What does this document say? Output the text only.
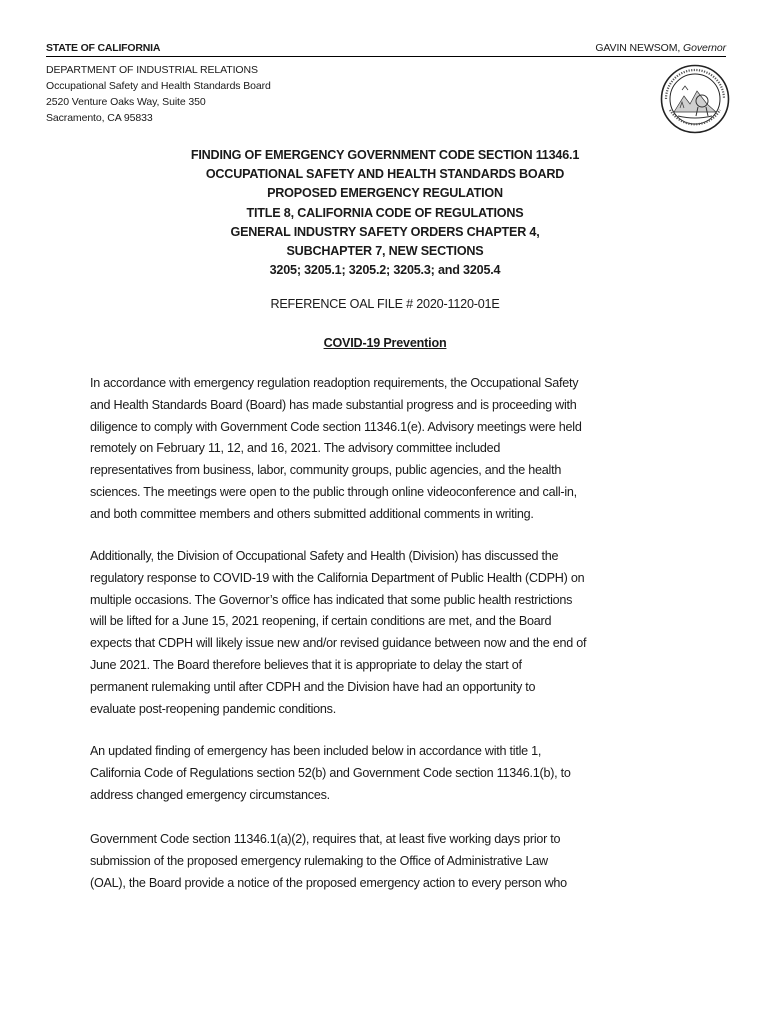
STATE OF CALIFORNIA	GAVIN NEWSOM, Governor
DEPARTMENT OF INDUSTRIAL RELATIONS
Occupational Safety and Health Standards Board
2520 Venture Oaks Way, Suite 350
Sacramento, CA 95833
FINDING OF EMERGENCY GOVERNMENT CODE SECTION 11346.1
OCCUPATIONAL SAFETY AND HEALTH STANDARDS BOARD
PROPOSED EMERGENCY REGULATION
TITLE 8, CALIFORNIA CODE OF REGULATIONS
GENERAL INDUSTRY SAFETY ORDERS CHAPTER 4,
SUBCHAPTER 7, NEW SECTIONS
3205; 3205.1; 3205.2; 3205.3; and 3205.4
REFERENCE OAL FILE # 2020-1120-01E
COVID-19 Prevention
In accordance with emergency regulation readoption requirements, the Occupational Safety
and Health Standards Board (Board) has made substantial progress and is proceeding with
diligence to comply with Government Code section 11346.1(e). Advisory meetings were held
remotely on February 11, 12, and 16, 2021. The advisory committee included
representatives from business, labor, community groups, public agencies, and the health
sciences. The meetings were open to the public through online videoconference and call-in,
and both committee members and others submitted additional comments in writing.
Additionally, the Division of Occupational Safety and Health (Division) has discussed the
regulatory response to COVID-19 with the California Department of Public Health (CDPH) on
multiple occasions. The Governor’s office has indicated that some public health restrictions
will be lifted for a June 15, 2021 reopening, if certain conditions are met, and the Board
expects that CDPH will likely issue new and/or revised guidance between now and the end of
June 2021. The Board therefore believes that it is appropriate to delay the start of
permanent rulemaking until after CDPH and the Division have had an opportunity to
evaluate post-reopening pandemic conditions.
An updated finding of emergency has been included below in accordance with title 1,
California Code of Regulations section 52(b) and Government Code section 11346.1(b), to
address changed emergency circumstances.
Government Code section 11346.1(a)(2), requires that, at least five working days prior to
submission of the proposed emergency rulemaking to the Office of Administrative Law
(OAL), the Board provide a notice of the proposed emergency action to every person who
